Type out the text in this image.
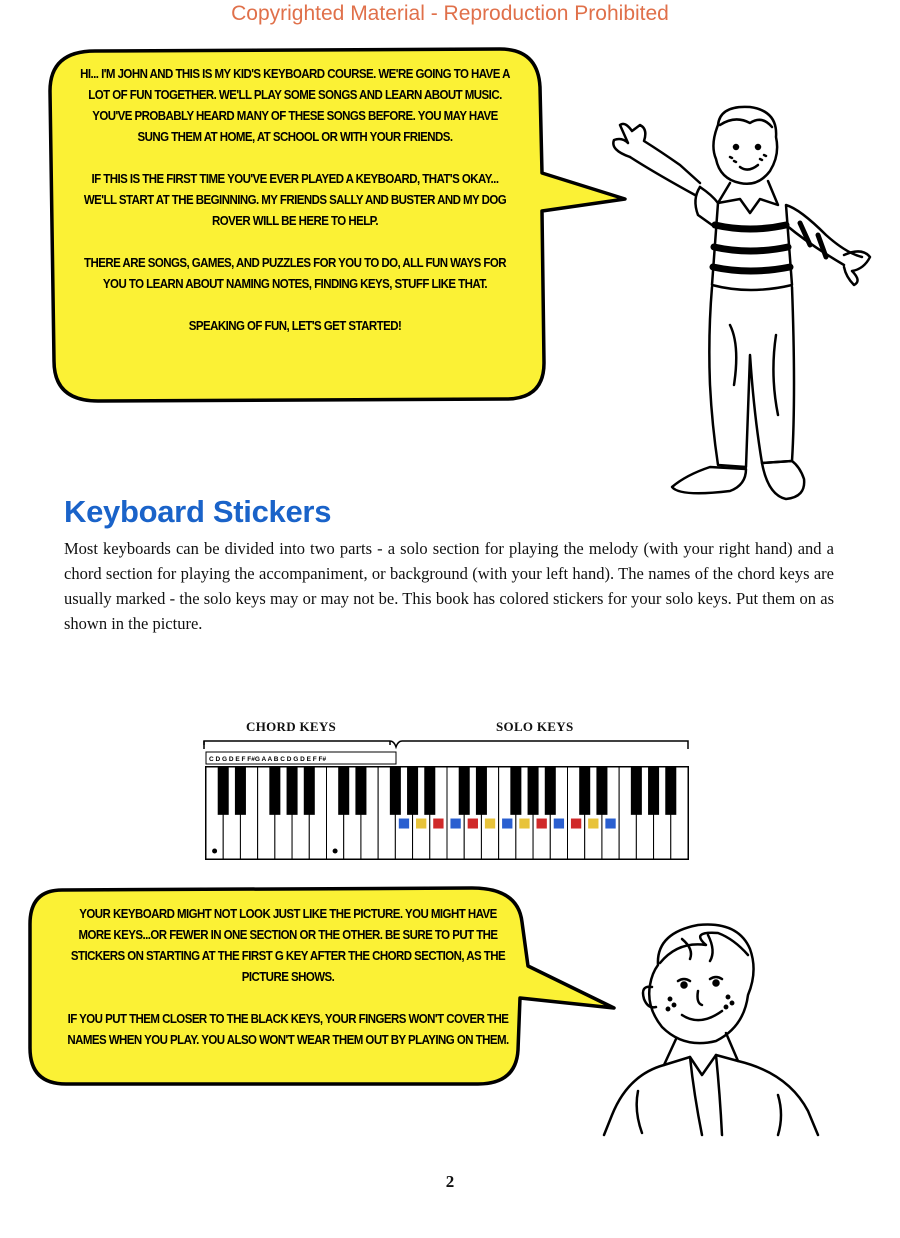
Copyrighted Material - Reproduction Prohibited

HI... I'M JOHN AND THIS IS MY KID'S KEYBOARD COURSE. WE'RE GOING TO HAVE A LOT OF FUN TOGETHER. WE'LL PLAY SOME SONGS AND LEARN ABOUT MUSIC. YOU'VE PROBABLY HEARD MANY OF THESE SONGS BEFORE. YOU MAY HAVE SUNG THEM AT HOME, AT SCHOOL OR WITH YOUR FRIENDS.

IF THIS IS THE FIRST TIME YOU'VE EVER PLAYED A KEYBOARD, THAT'S OKAY... WE'LL START AT THE BEGINNING. MY FRIENDS SALLY AND BUSTER AND MY DOG ROVER WILL BE HERE TO HELP.

THERE ARE SONGS, GAMES, AND PUZZLES FOR YOU TO DO, ALL FUN WAYS FOR YOU TO LEARN ABOUT NAMING NOTES, FINDING KEYS, STUFF LIKE THAT.

SPEAKING OF FUN, LET'S GET STARTED!

Keyboard Stickers

Most keyboards can be divided into two parts - a solo section for playing the melody (with your right hand) and a chord section for playing the accompaniment, or background (with your left hand). The names of the chord keys are usually marked - the solo keys may or may not be. This book has colored stickers for your solo keys. Put them on as shown in the picture.

CHORD KEYS	SOLO KEYS
C D G D E F F#G A A B C D G D E F F#

YOUR KEYBOARD MIGHT NOT LOOK JUST LIKE THE PICTURE. YOU MIGHT HAVE MORE KEYS...OR FEWER IN ONE SECTION OR THE OTHER. BE SURE TO PUT THE STICKERS ON STARTING AT THE FIRST G KEY AFTER THE CHORD SECTION, AS THE PICTURE SHOWS.

IF YOU PUT THEM CLOSER TO THE BLACK KEYS, YOUR FINGERS WON'T COVER THE NAMES WHEN YOU PLAY. YOU ALSO WON'T WEAR THEM OUT BY PLAYING ON THEM.

2
